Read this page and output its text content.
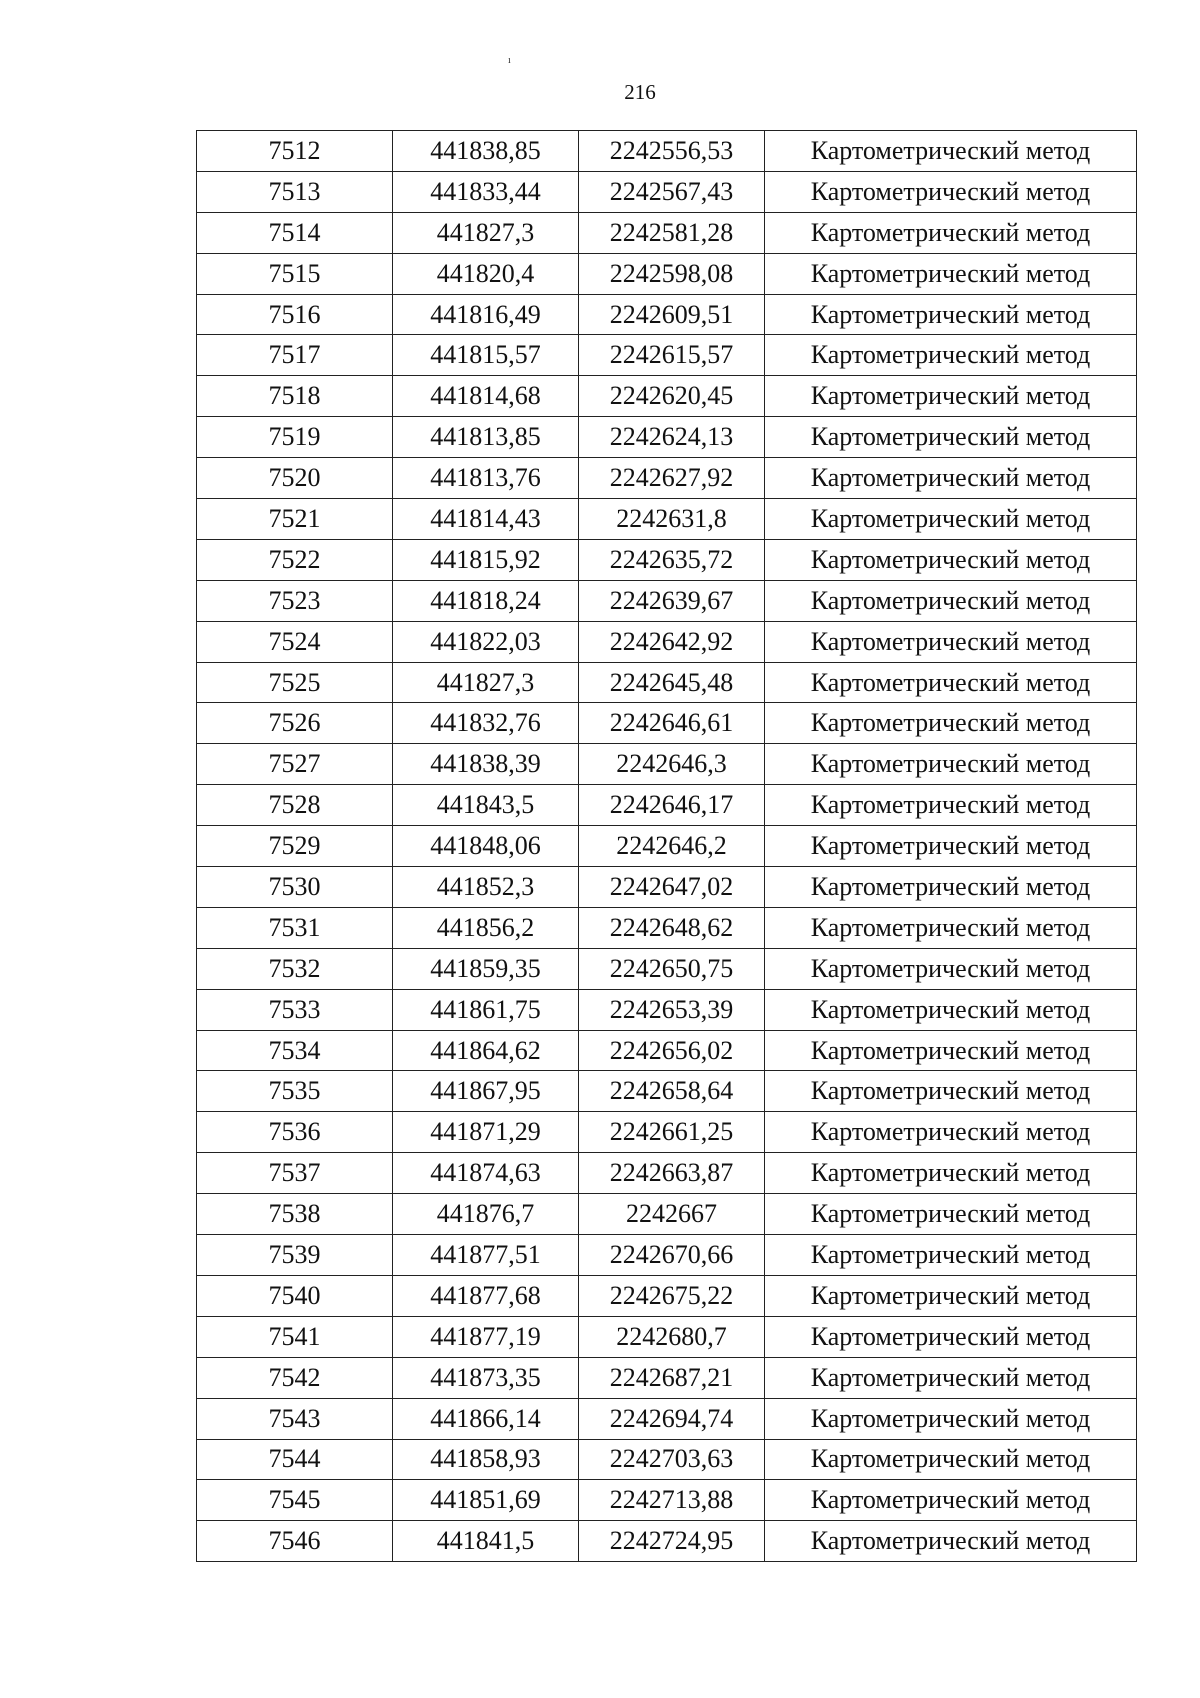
ı
216
7512	441838,85	2242556,53	Картометрический метод
7513	441833,44	2242567,43	Картометрический метод
7514	441827,3	2242581,28	Картометрический метод
7515	441820,4	2242598,08	Картометрический метод
7516	441816,49	2242609,51	Картометрический метод
7517	441815,57	2242615,57	Картометрический метод
7518	441814,68	2242620,45	Картометрический метод
7519	441813,85	2242624,13	Картометрический метод
7520	441813,76	2242627,92	Картометрический метод
7521	441814,43	2242631,8	Картометрический метод
7522	441815,92	2242635,72	Картометрический метод
7523	441818,24	2242639,67	Картометрический метод
7524	441822,03	2242642,92	Картометрический метод
7525	441827,3	2242645,48	Картометрический метод
7526	441832,76	2242646,61	Картометрический метод
7527	441838,39	2242646,3	Картометрический метод
7528	441843,5	2242646,17	Картометрический метод
7529	441848,06	2242646,2	Картометрический метод
7530	441852,3	2242647,02	Картометрический метод
7531	441856,2	2242648,62	Картометрический метод
7532	441859,35	2242650,75	Картометрический метод
7533	441861,75	2242653,39	Картометрический метод
7534	441864,62	2242656,02	Картометрический метод
7535	441867,95	2242658,64	Картометрический метод
7536	441871,29	2242661,25	Картометрический метод
7537	441874,63	2242663,87	Картометрический метод
7538	441876,7	2242667	Картометрический метод
7539	441877,51	2242670,66	Картометрический метод
7540	441877,68	2242675,22	Картометрический метод
7541	441877,19	2242680,7	Картометрический метод
7542	441873,35	2242687,21	Картометрический метод
7543	441866,14	2242694,74	Картометрический метод
7544	441858,93	2242703,63	Картометрический метод
7545	441851,69	2242713,88	Картометрический метод
7546	441841,5	2242724,95	Картометрический метод
